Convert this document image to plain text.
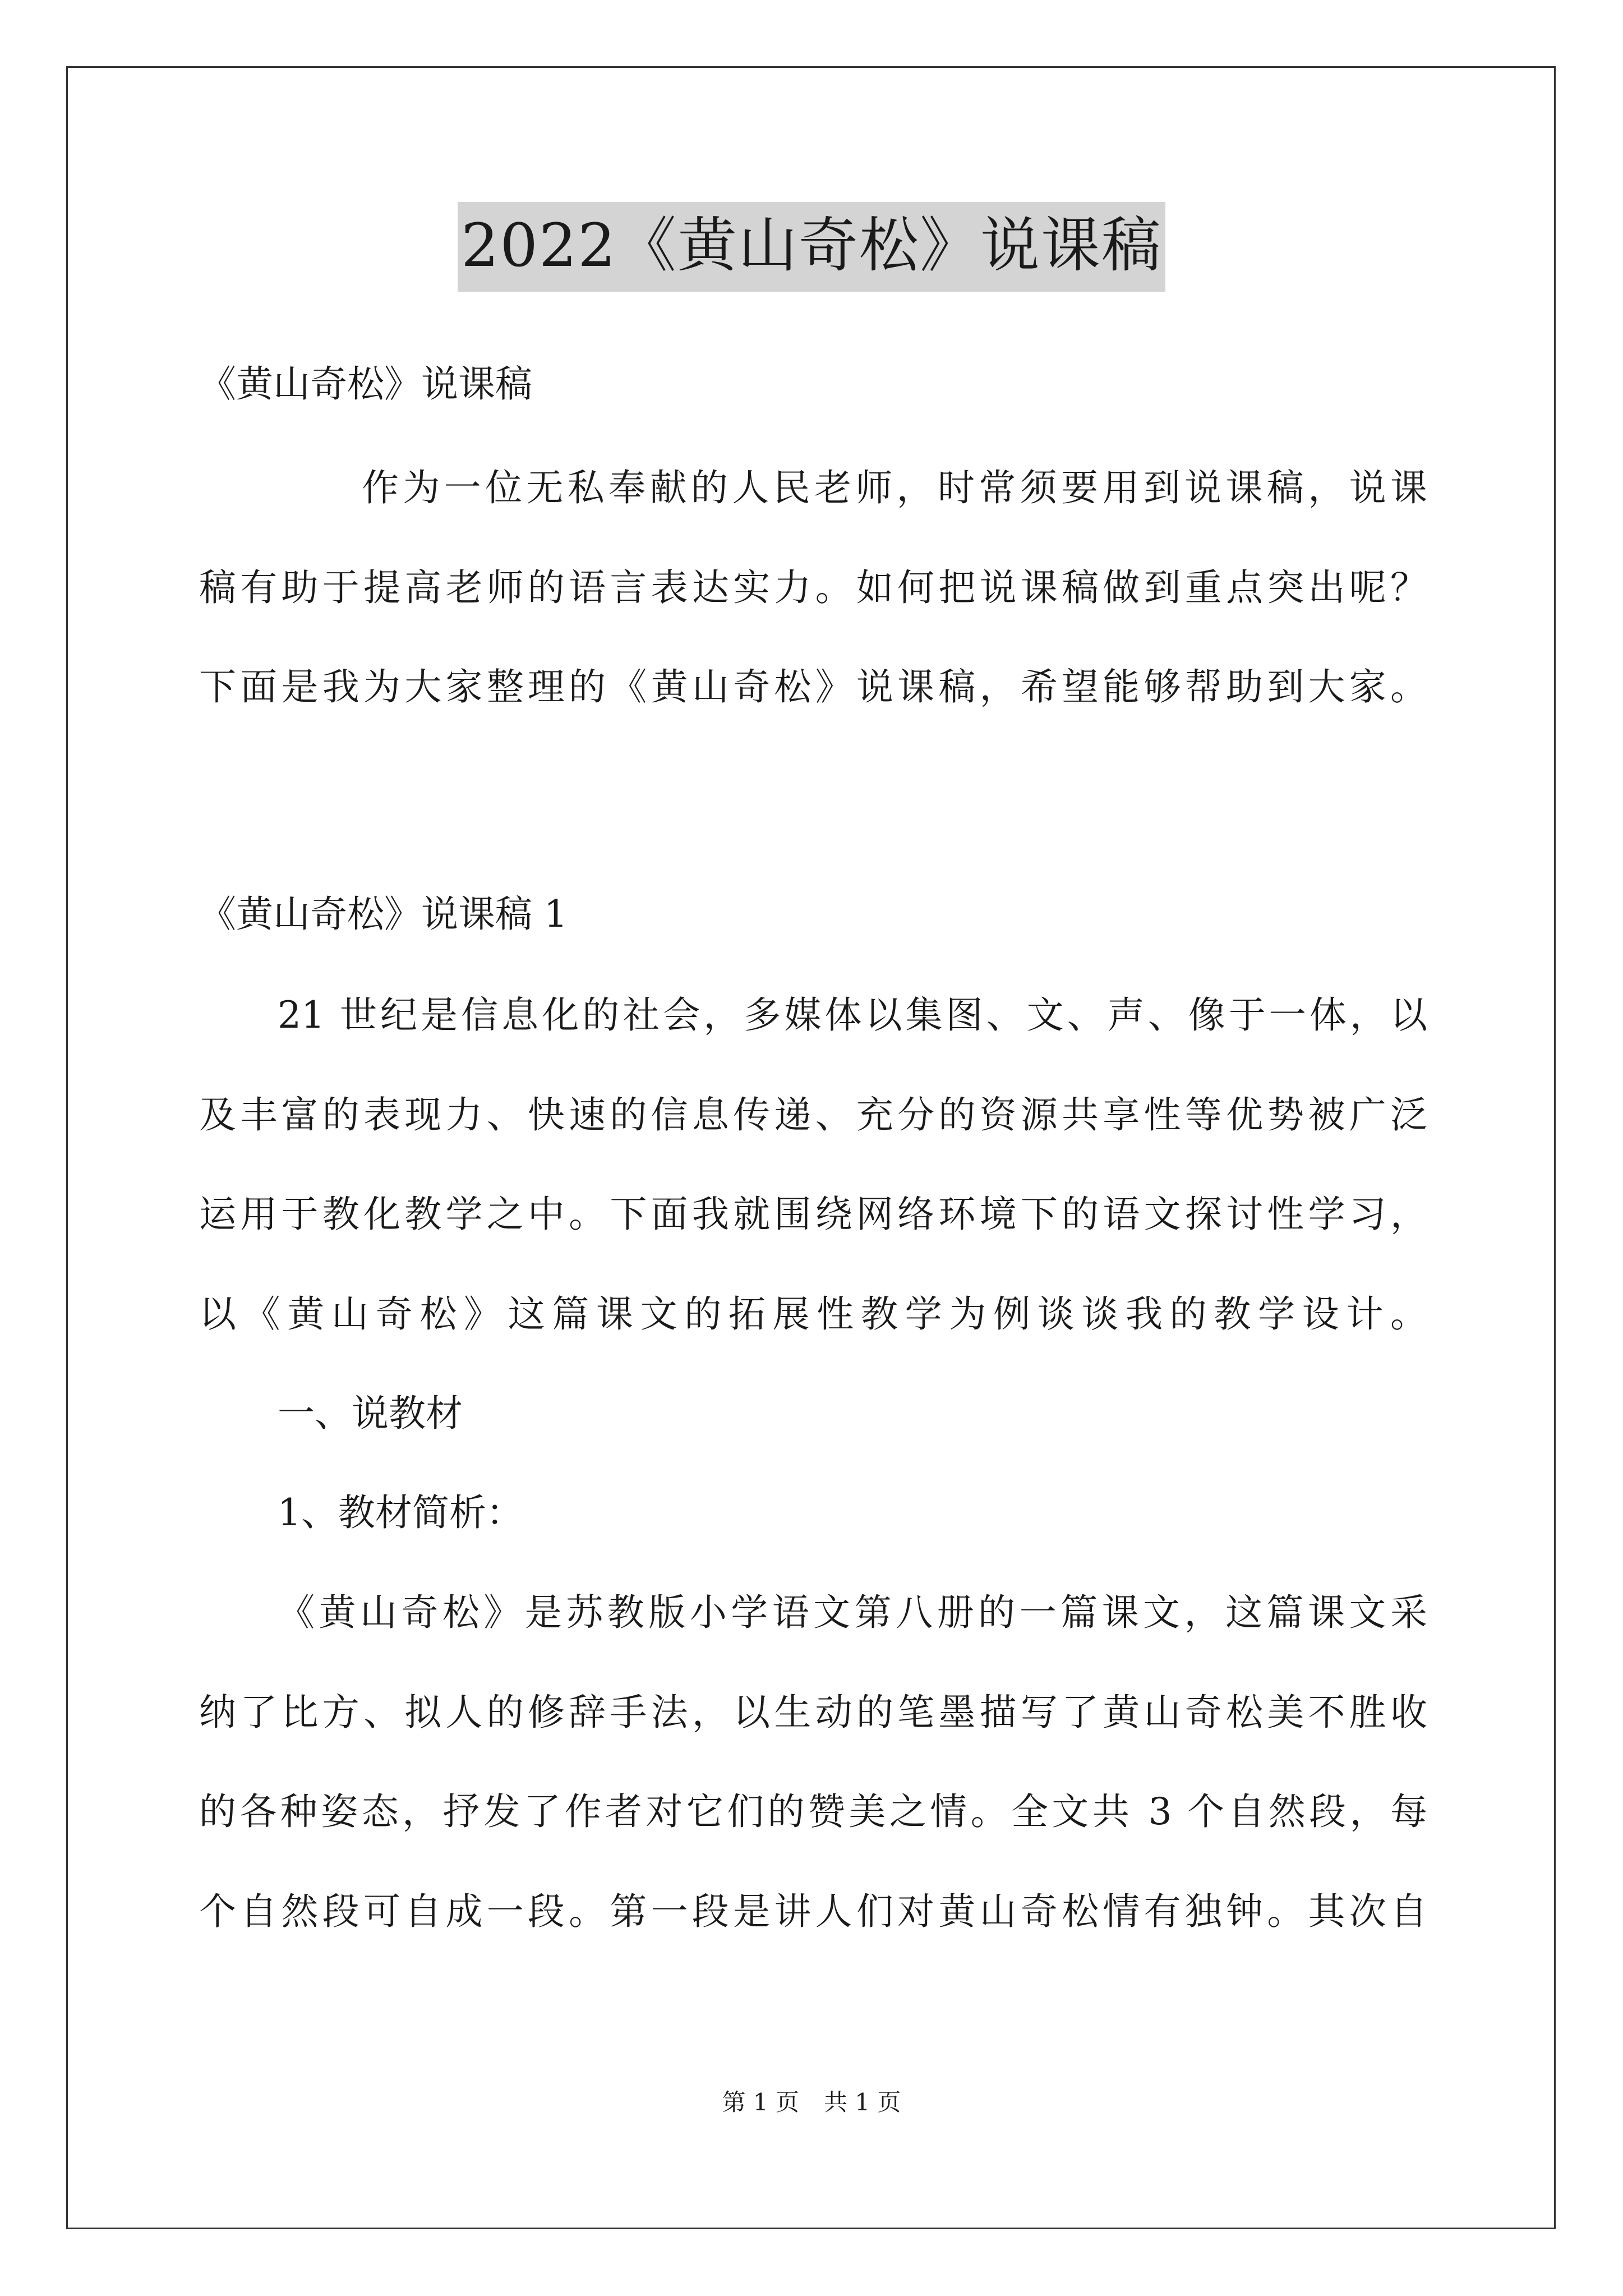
2022《黄山奇松》说课稿
《黄山奇松》说课稿
作为一位无私奉献的人民老师，时常须要用到说课稿，说课
稿有助于提高老师的语言表达实力。如何把说课稿做到重点突出呢？
下面是我为大家整理的《黄山奇松》说课稿，希望能够帮助到大家。
《黄山奇松》说课稿 1
21 世纪是信息化的社会，多媒体以集图、文、声、像于一体，以
及丰富的表现力、快速的信息传递、充分的资源共享性等优势被广泛
运用于教化教学之中。下面我就围绕网络环境下的语文探讨性学习，
以《黄山奇松》这篇课文的拓展性教学为例谈谈我的教学设计。
一、说教材
1、教材简析：
《黄山奇松》是苏教版小学语文第八册的一篇课文，这篇课文采
纳了比方、拟人的修辞手法，以生动的笔墨描写了黄山奇松美不胜收
的各种姿态，抒发了作者对它们的赞美之情。全文共 3 个自然段，每
个自然段可自成一段。第一段是讲人们对黄山奇松情有独钟。其次自
第 1 页 共 1 页
